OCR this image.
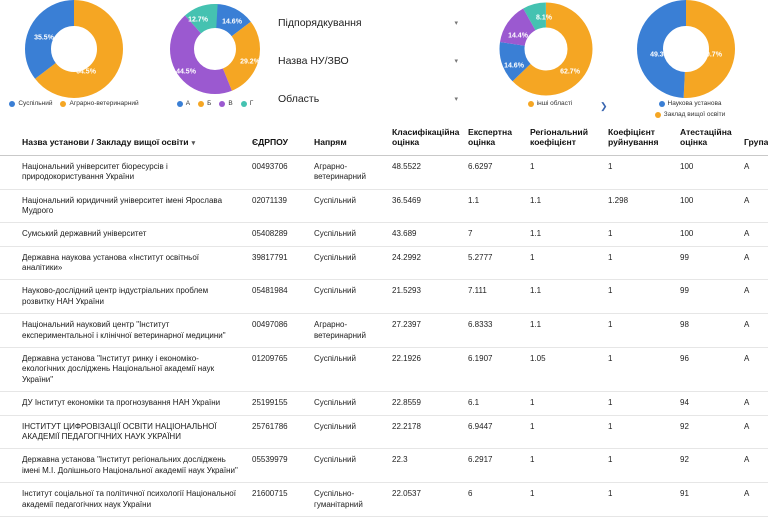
35.5%
64.5%
Суспільний	Аграрно-ветеринарний
14.6%
29.2%
44.5%
12.7%
А	Б	В	Г
Підпорядкування	▾
Назва НУ/ЗВО	▾
Область	▾
62.7%
14.6%
14.4%
8.1%
інші області
50.7%
49.3%
Наукова установа
Заклад вищої освіти
❯
Назва установи / Закладу вищої освіти ▾	ЄДРПОУ	Напрям	Класифікаційна оцінка	Експертна оцінка	Регіональний коефіцієнт	Коефіцієнт руйнування	Атестаційна оцінка	Група
Національний університет біоресурсів і природокористування України	00493706	Аграрно-ветеринарний	48.5522	6.6297	1	1	100	А
Національний юридичний університет імені Ярослава Мудрого	02071139	Суспільний	36.5469	1.1	1.1	1.298	100	А
Сумський державний університет	05408289	Суспільний	43.689	7	1.1	1	100	А
Державна наукова установа «Інститут освітньої аналітики»	39817791	Суспільний	24.2992	5.2777	1	1	99	А
Науково-дослідний центр індустріальних проблем розвитку НАН України	05481984	Суспільний	21.5293	7.111	1.1	1	99	А
Національний науковий центр "Інститут експериментальної і клінічної ветеринарної медицини"	00497086	Аграрно-ветеринарний	27.2397	6.8333	1.1	1	98	А
Державна установа "Інститут ринку і економіко-екологічних досліджень Національної академії наук України"	01209765	Суспільний	22.1926	6.1907	1.05	1	96	А
ДУ Інститут економіки та прогнозування НАН України	25199155	Суспільний	22.8559	6.1	1	1	94	А
ІНСТИТУТ ЦИФРОВІЗАЦІЇ ОСВІТИ НАЦІОНАЛЬНОЇ АКАДЕМІЇ ПЕДАГОГІЧНИХ НАУК УКРАЇНИ	25761786	Суспільний	22.2178	6.9447	1	1	92	А
Державна установа "Інститут регіональних досліджень імені М.І. Долішнього Національної академії наук України"	05539979	Суспільний	22.3	6.2917	1	1	92	А
Інститут соціальної та політичної психології Національної академії педагогічних наук України	21600715	Суспільно-гуманітарний	22.0537	6	1	1	91	А
